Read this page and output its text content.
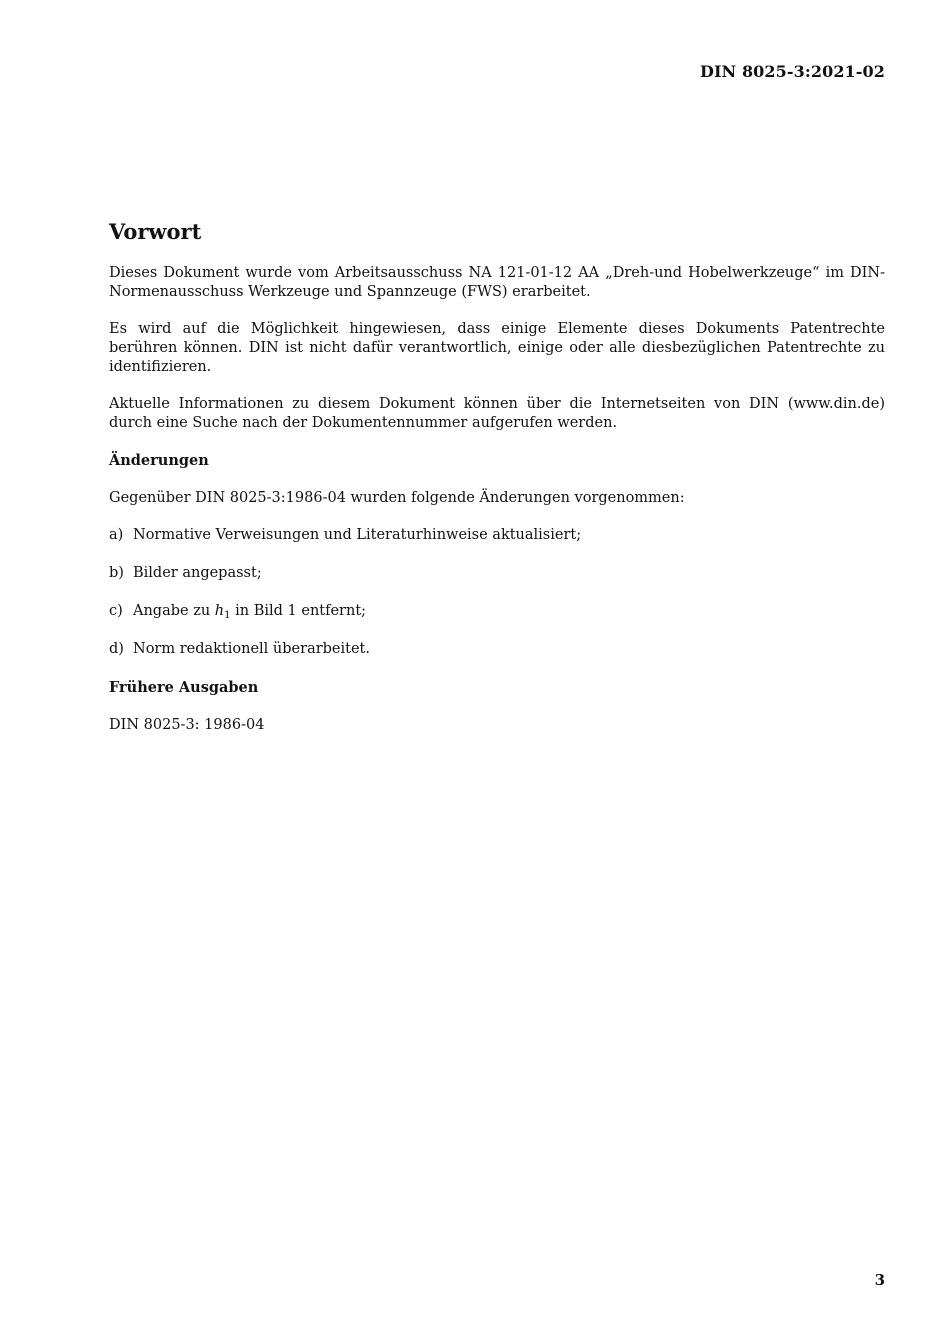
DIN 8025-3:2021-02
Vorwort

Dieses Dokument wurde vom Arbeitsausschuss NA 121-01-12 AA „Dreh-und Hobelwerkzeuge“ im DIN-Normenausschuss Werkzeuge und Spannzeuge (FWS) erarbeitet.

Es wird auf die Möglichkeit hingewiesen, dass einige Elemente dieses Dokuments Patentrechte berühren können. DIN ist nicht dafür verantwortlich, einige oder alle diesbezüglichen Patentrechte zu identifizieren.

Aktuelle Informationen zu diesem Dokument können über die Internetseiten von DIN (www.din.de) durch eine Suche nach der Dokumentennummer aufgerufen werden.

Änderungen

Gegenüber DIN 8025-3:1986-04 wurden folgende Änderungen vorgenommen:

a) Normative Verweisungen und Literaturhinweise aktualisiert;
b) Bilder angepasst;
c) Angabe zu $h_1$ in Bild 1 entfernt;
d) Norm redaktionell überarbeitet.
Frühere Ausgaben

DIN 8025-3: 1986-04

3
